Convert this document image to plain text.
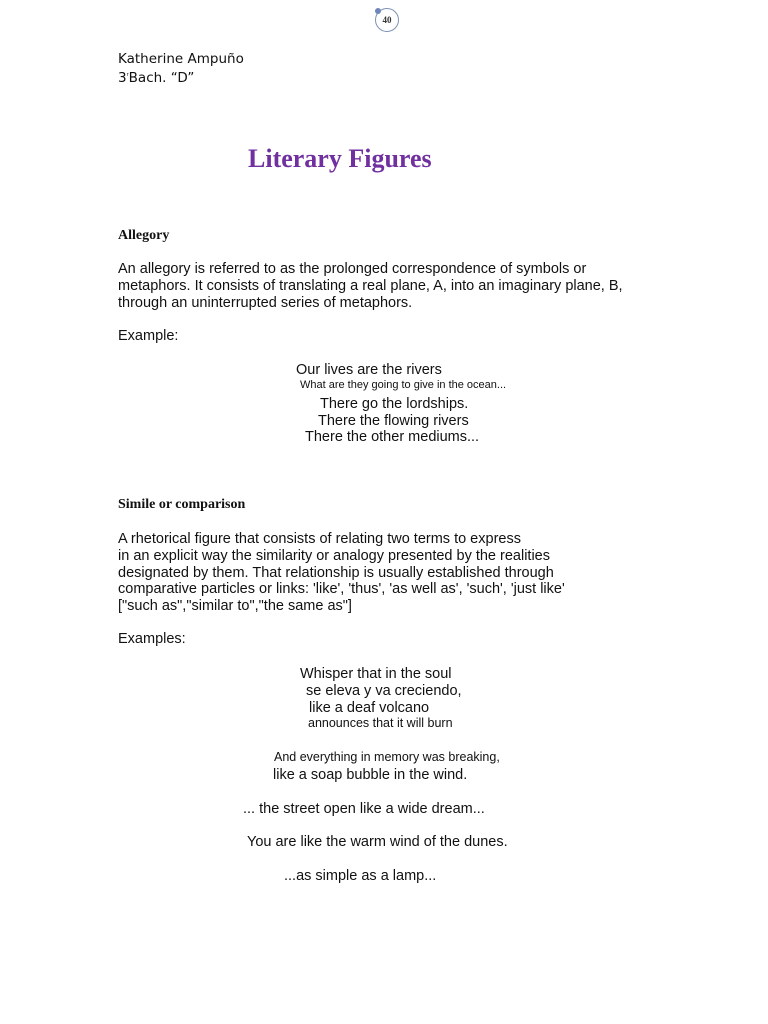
40
Katherine Ampuño
3$^r$Bach. “D”
Literary Figures
Allegory
An allegory is referred to as the prolonged correspondence of symbols or
metaphors. It consists of translating a real plane, A, into an imaginary plane, B,
through an uninterrupted series of metaphors.

Example:

Our lives are the rivers

What are they going to give in the ocean...

There go the lordships.

There the flowing rivers

There the other mediums...

Simile or comparison
A rhetorical figure that consists of relating two terms to express
in an explicit way the similarity or analogy presented by the realities
designated by them. That relationship is usually established through
comparative particles or links: 'like', 'thus', 'as well as', 'such', 'just like'
["such as","similar to","the same as"]

Examples:

Whisper that in the soul

se eleva y va creciendo,

like a deaf volcano

announces that it will burn

And everything in memory was breaking,

like a soap bubble in the wind.

... the street open like a wide dream...

You are like the warm wind of the dunes.

...as simple as a lamp...
